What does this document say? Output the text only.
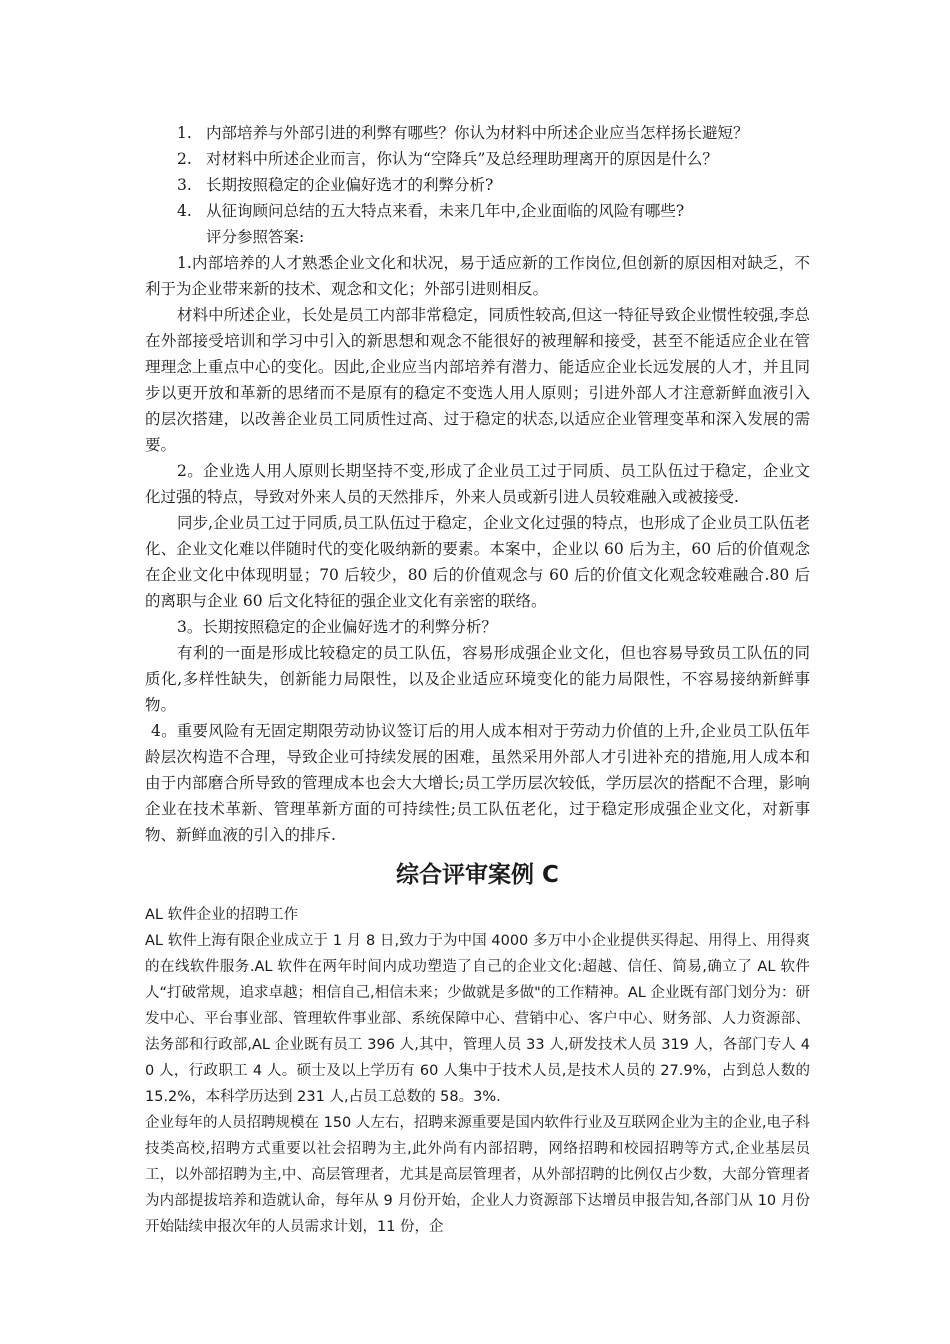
1. 内部培养与外部引进的利弊有哪些？你认为材料中所述企业应当怎样扬长避短？
2. 对材料中所述企业而言，你认为“空降兵”及总经理助理离开的原因是什么？
3. 长期按照稳定的企业偏好选才的利弊分析?
4. 从征询顾问总结的五大特点来看，未来几年中,企业面临的风险有哪些?

评分参照答案:

1.内部培养的人才熟悉企业文化和状况，易于适应新的工作岗位,但创新的原因相对缺乏，不利于为企业带来新的技术、观念和文化；外部引进则相反。

材料中所述企业，长处是员工内部非常稳定，同质性较高,但这一特征导致企业惯性较强,李总在外部接受培训和学习中引入的新思想和观念不能很好的被理解和接受，甚至不能适应企业在管理理念上重点中心的变化。因此,企业应当内部培养有潜力、能适应企业长远发展的人才，并且同步以更开放和革新的思绪而不是原有的稳定不变选人用人原则；引进外部人才注意新鲜血液引入的层次搭建，以改善企业员工同质性过高、过于稳定的状态,以适应企业管理变革和深入发展的需要。

2。企业选人用人原则长期坚持不变,形成了企业员工过于同质、员工队伍过于稳定，企业文化过强的特点，导致对外来人员的天然排斥，外来人员或新引进人员较难融入或被接受.

同步,企业员工过于同质,员工队伍过于稳定，企业文化过强的特点，也形成了企业员工队伍老化、企业文化难以伴随时代的变化吸纳新的要素。本案中，企业以 60 后为主，60 后的价值观念在企业文化中体现明显；70 后较少，80 后的价值观念与 60 后的价值文化观念较难融合.80 后的离职与企业 60 后文化特征的强企业文化有亲密的联络。

3。长期按照稳定的企业偏好选才的利弊分析？

有利的一面是形成比较稳定的员工队伍，容易形成强企业文化，但也容易导致员工队伍的同质化,多样性缺失，创新能力局限性，以及企业适应环境变化的能力局限性，不容易接纳新鲜事物。

4。重要风险有无固定期限劳动协议签订后的用人成本相对于劳动力价值的上升,企业员工队伍年龄层次构造不合理，导致企业可持续发展的困难，虽然采用外部人才引进补充的措施,用人成本和由于内部磨合所导致的管理成本也会大大增长;员工学历层次较低，学历层次的搭配不合理，影响企业在技术革新、管理革新方面的可持续性;员工队伍老化，过于稳定形成强企业文化，对新事物、新鲜血液的引入的排斥.

综合评审案例 C

AL 软件企业的招聘工作

AL 软件上海有限企业成立于 1 月 8 日,致力于为中国 4000 多万中小企业提供买得起、用得上、用得爽的在线软件服务.AL 软件在两年时间内成功塑造了自己的企业文化:超越、信任、简易,确立了 AL 软件人“打破常规，追求卓越；相信自己,相信未来；少做就是多做"的工作精神。AL 企业既有部门划分为：研发中心、平台事业部、管理软件事业部、系统保障中心、营销中心、客户中心、财务部、人力资源部、法务部和行政部,AL 企业既有员工 396 人,其中，管理人员 33 人,研发技术人员 319 人，各部门专人 40 人，行政职工 4 人。硕士及以上学历有 60 人集中于技术人员,是技术人员的 27.9%，占到总人数的 15.2%，本科学历达到 231 人,占员工总数的 58。3%.

企业每年的人员招聘规模在 150 人左右，招聘来源重要是国内软件行业及互联网企业为主的企业,电子科技类高校,招聘方式重要以社会招聘为主,此外尚有内部招聘，网络招聘和校园招聘等方式,企业基层员工，以外部招聘为主,中、高层管理者，尤其是高层管理者，从外部招聘的比例仅占少数，大部分管理者为内部提拔培养和造就认命，每年从 9 月份开始，企业人力资源部下达增员申报告知,各部门从 10 月份开始陆续申报次年的人员需求计划，11 份，企
